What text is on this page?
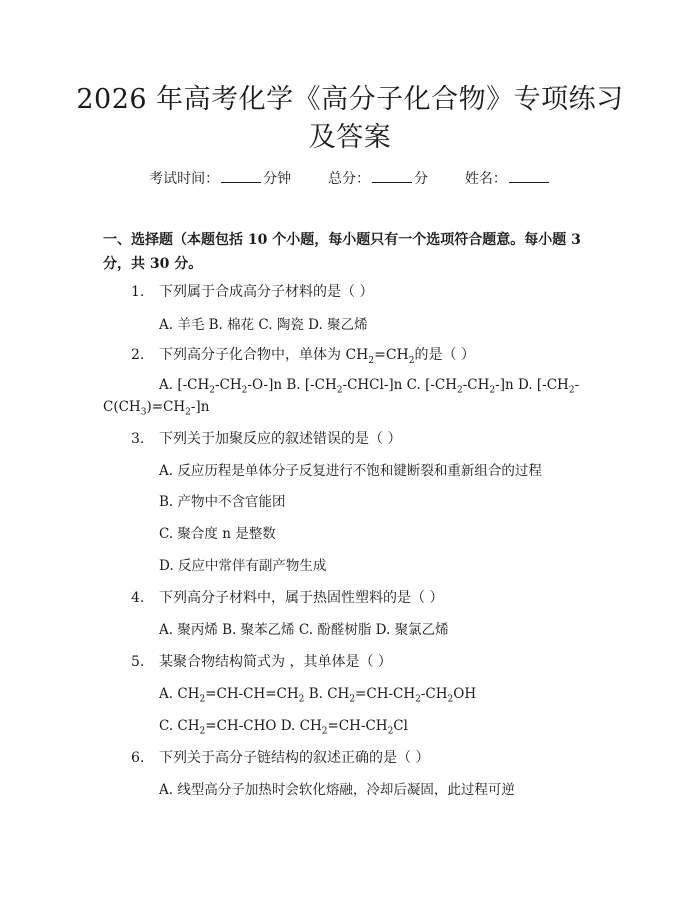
2026 年高考化学《高分子化合物》专项练习
及答案
考试时间：	分钟	总分：	分	姓名：
一、选择题（本题包括 10 个小题，每小题只有一个选项符合题意。每小题 3 分，共 30 分。
1. 下列属于合成高分子材料的是（ ）
A. 羊毛 B. 棉花 C. 陶瓷 D. 聚乙烯
2. 下列高分子化合物中，单体为 $CH_2=CH_2$的是（ ）
A. $[-CH_2-CH_2-O-]n$ B. $[-CH_2-CHCl-]n$ C. $[-CH_2-CH_2-]n$ D. $[-CH_2-C(CH_3)=CH_2-]n$
3. 下列关于加聚反应的叙述错误的是（ ）
A. 反应历程是单体分子反复进行不饱和键断裂和重新组合的过程
B. 产物中不含官能团
C. 聚合度 n 是整数
D. 反应中常伴有副产物生成
4. 下列高分子材料中，属于热固性塑料的是（ ）
A. 聚丙烯 B. 聚苯乙烯 C. 酚醛树脂 D. 聚氯乙烯
5. 某聚合物结构简式为 ，其单体是（ ）
A. $CH_2=CH-CH=CH_2$ B. $CH_2=CH-CH_2-CH_2OH$
C. $CH_2=CH$-CHO D. $CH_2=CH-CH_2Cl$
6. 下列关于高分子链结构的叙述正确的是（ ）
A. 线型高分子加热时会软化熔融，冷却后凝固，此过程可逆
